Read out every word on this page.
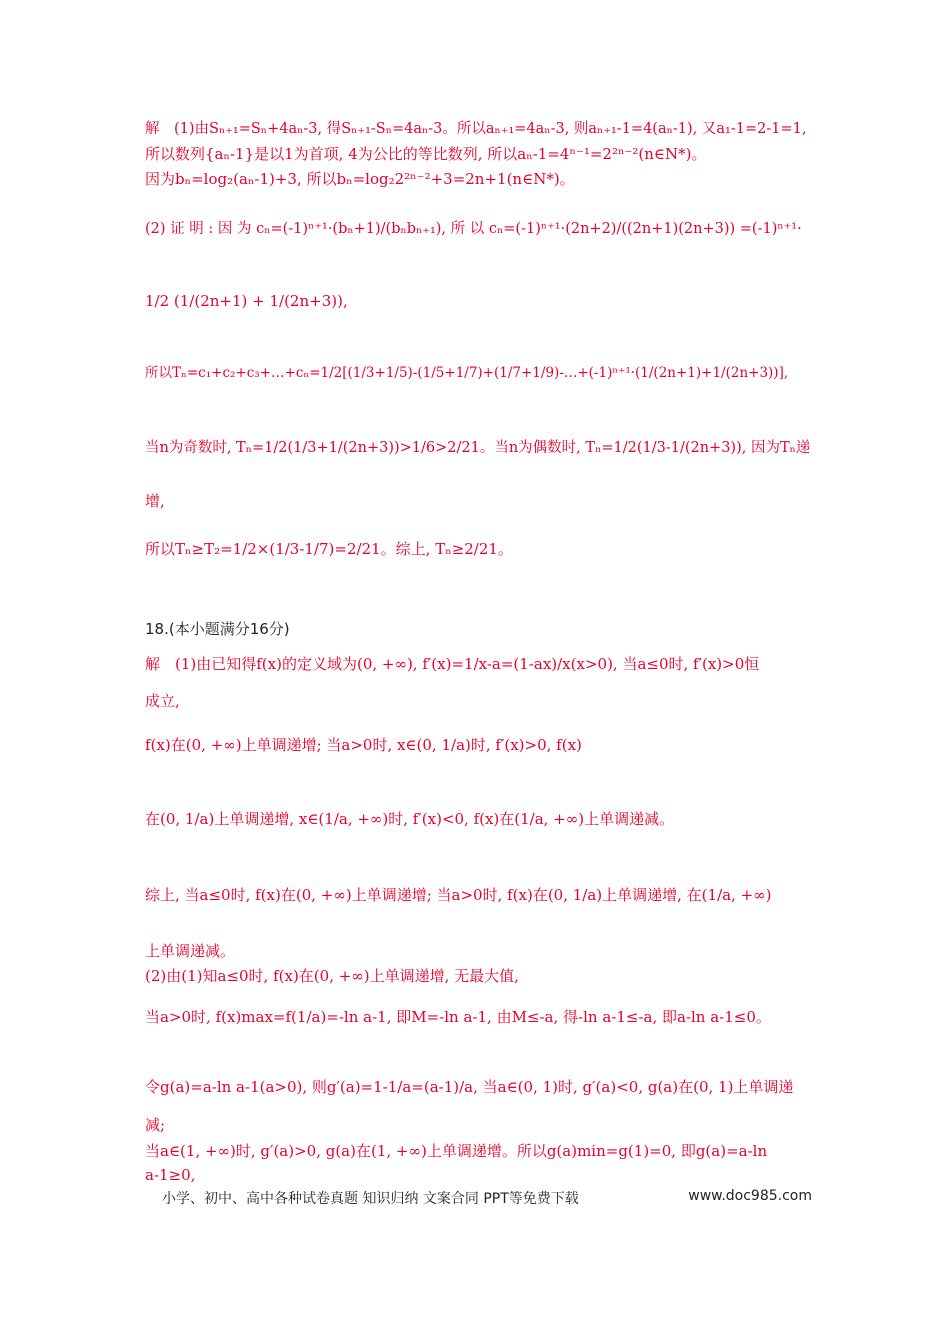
解　(1)由Sₙ₊₁=Sₙ+4aₙ-3, 得Sₙ₊₁-Sₙ=4aₙ-3。所以aₙ₊₁=4aₙ-3, 则aₙ₊₁-1=4(aₙ-1), 又a₁-1=2-1=1,
所以数列{aₙ-1}是以1为首项, 4为公比的等比数列, 所以aₙ-1=4ⁿ⁻¹=2²ⁿ⁻²(n∈N*)。
因为bₙ=log₂(aₙ-1)+3, 所以bₙ=log₂2²ⁿ⁻²+3=2n+1(n∈N*)。
(2) 证 明 : 因 为 cₙ=(-1)ⁿ⁺¹·(bₙ+1)/(bₙbₙ₊₁), 所 以 cₙ=(-1)ⁿ⁺¹·(2n+2)/((2n+1)(2n+3)) =(-1)ⁿ⁺¹·
1/2 (1/(2n+1) + 1/(2n+3)),
所以Tₙ=c₁+c₂+c₃+…+cₙ=1/2[(1/3+1/5)-(1/5+1/7)+(1/7+1/9)-…+(-1)ⁿ⁺¹·(1/(2n+1)+1/(2n+3))],
当n为奇数时, Tₙ=1/2(1/3+1/(2n+3))>1/6>2/21。当n为偶数时, Tₙ=1/2(1/3-1/(2n+3)), 因为Tₙ递
增,
所以Tₙ≥T₂=1/2×(1/3-1/7)=2/21。综上, Tₙ≥2/21。
18.(本小题满分16分)
解　(1)由已知得f(x)的定义域为(0, +∞), f′(x)=1/x-a=(1-ax)/x(x>0), 当a≤0时, f′(x)>0恒
成立,
f(x)在(0, +∞)上单调递增; 当a>0时, x∈(0, 1/a)时, f′(x)>0, f(x)
在(0, 1/a)上单调递增, x∈(1/a, +∞)时, f′(x)<0, f(x)在(1/a, +∞)上单调递减。
综上, 当a≤0时, f(x)在(0, +∞)上单调递增; 当a>0时, f(x)在(0, 1/a)上单调递增, 在(1/a, +∞)
上单调递减。
(2)由(1)知a≤0时, f(x)在(0, +∞)上单调递增, 无最大值,
当a>0时, f(x)max=f(1/a)=-ln a-1, 即M=-ln a-1, 由M≤-a, 得-ln a-1≤-a, 即a-ln a-1≤0。
令g(a)=a-ln a-1(a>0), 则g′(a)=1-1/a=(a-1)/a, 当a∈(0, 1)时, g′(a)<0, g(a)在(0, 1)上单调递
减;
当a∈(1, +∞)时, g′(a)>0, g(a)在(1, +∞)上单调递增。所以g(a)min=g(1)=0, 即g(a)=a-ln
a-1≥0,
小学、初中、高中各种试卷真题 知识归纳 文案合同 PPT等免费下载	www.doc985.com
